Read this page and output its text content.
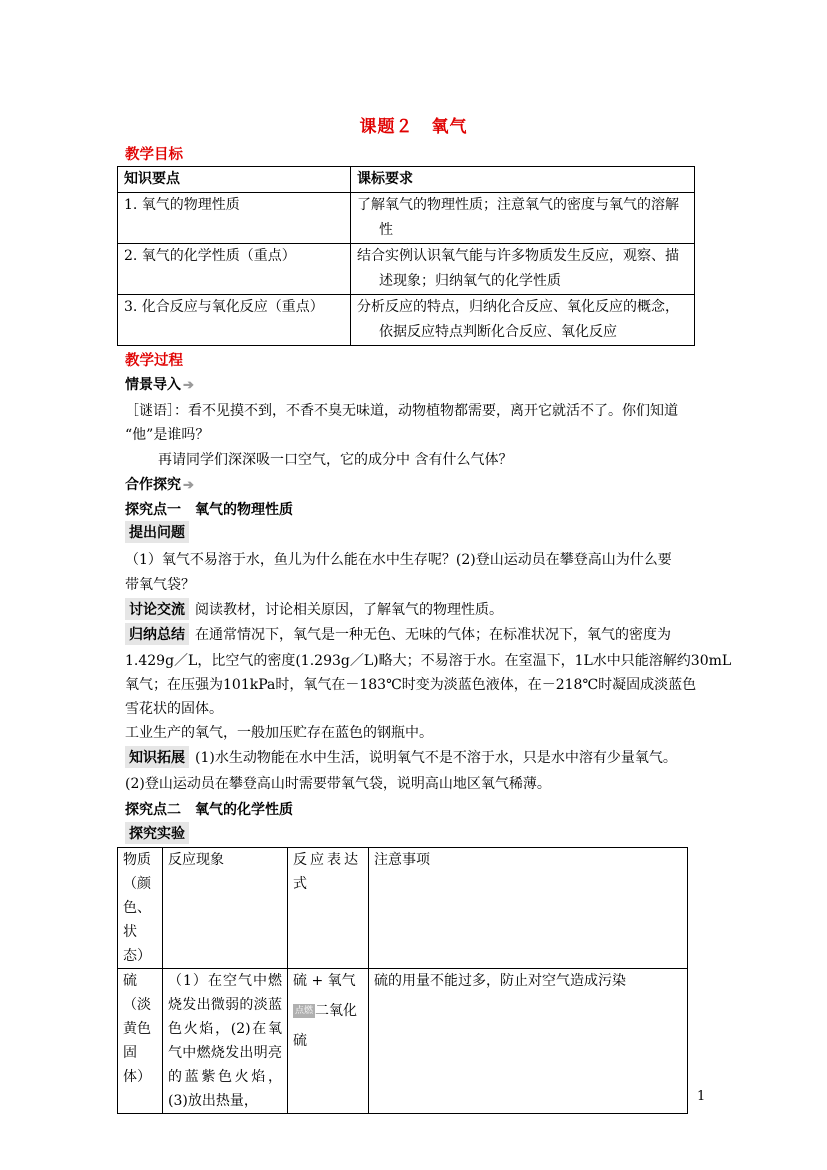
课题２　氧气
教学目标
知识要点	课标要求
1. 氧气的物理性质	了解氧气的物理性质；注意氧气的密度与氧气的溶解

性

2. 氧气的化学性质（重点）	结合实例认识氧气能与许多物质发生反应，观察、描

述现象；归纳氧气的化学性质

3. 化合反应与氧化反应（重点）	分析反应的特点，归纳化合反应、氧化反应的概念，

依据反应特点判断化合反应、氧化反应
教学过程
情景导入 ➔
［谜语］：看不见摸不到，不香不臭无味道，动物植物都需要，离开它就活不了。你们知道
“他”是谁吗？
再请同学们深深吸一口空气，它的成分中 含有什么气体？
合作探究 ➔
探究点一　氧气的物理性质
提出问题
（1）氧气不易溶于水，鱼儿为什么能在水中生存呢？(2)登山运动员在攀登高山为什么要
带氧气袋？
讨论交流 阅读教材，讨论相关原因，了解氧气的物理性质。
归纳总结 在通常情况下，氧气是一种无色、无味的气体；在标准状况下，氧气的密度为
1.429g／L，比空气的密度(1.293g／L)略大；不易溶于水。在室温下，1L水中只能溶解约30mL
氧气；在压强为101kPa时，氧气在－183℃时变为淡蓝色液体，在－218℃时凝固成淡蓝色
雪花状的固体。
工业生产的氧气，一般加压贮存在蓝色的钢瓶中。
知识拓展 (1)水生动物能在水中生活，说明氧气不是不溶于水，只是水中溶有少量氧气。
(2)登山运动员在攀登高山时需要带氧气袋，说明高山地区氧气稀薄。
探究点二　氧气的化学性质
探究实验
物质（颜色、状态）	反应现象	反应表达式	注意事项
硫（淡黄色固体）	（1）在空气中燃烧发出微弱的淡蓝色火焰，(2)在氧气中燃烧发出明亮的蓝紫色火焰，(3)放出热量，	硫 + 氧气
点燃 二氧化
硫	硫的用量不能过多，防止对空气造成污染
1
